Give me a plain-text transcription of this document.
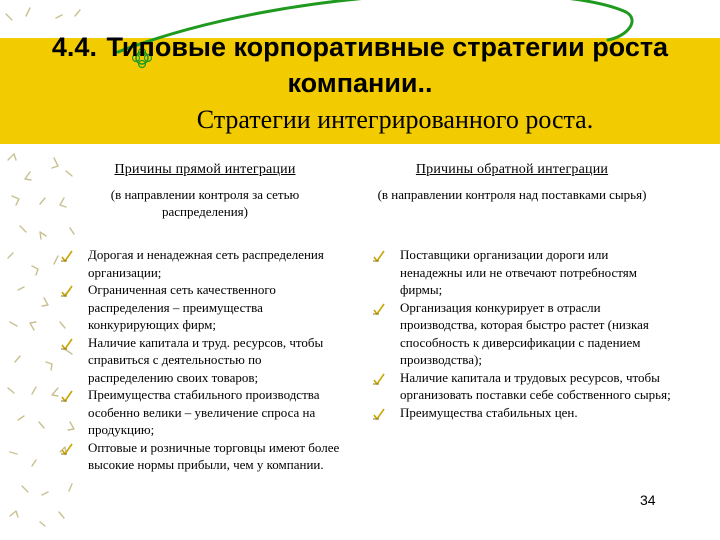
4.4. Типовые корпоративные стратегии роста
компании..
Стратегии интегрированного роста.
Причины прямой интеграции
(в направлении контроля за сетью распределения)
Причины обратной интеграции
(в направлении контроля над поставками сырья)
Дорогая и ненадежная сеть распределения организации;
Ограниченная сеть качественного распределения – преимущества конкурирующих фирм;
Наличие капитала и труд. ресурсов, чтобы справиться с деятельностью по распределению своих товаров;
Преимущества стабильного производства особенно велики – увеличение спроса на продукцию;
Оптовые и розничные торговцы имеют более высокие нормы прибыли, чем у компании.
Поставщики организации дороги или ненадежны или не отвечают потребностям фирмы;
Организация конкурирует в отрасли производства, которая быстро растет (низкая способность к диверсификации с падением производства);
Наличие капитала и трудовых ресурсов, чтобы организовать поставки себе собственного сырья;
Преимущества стабильных цен.
34
